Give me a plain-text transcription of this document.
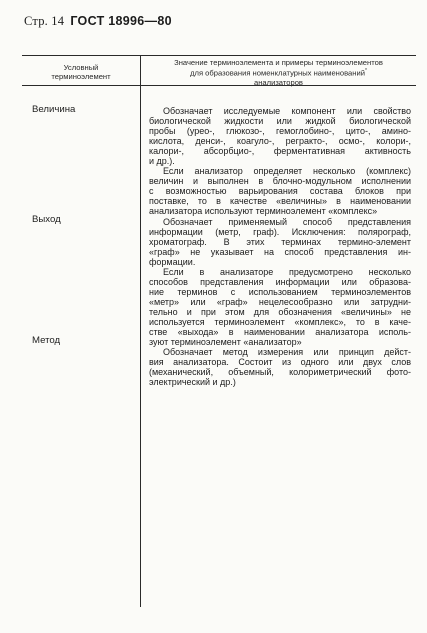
Стр. 14 ГОСТ 18996—80
Условный
терминоэлемент
Значение терминоэлемента и примеры терминоэлементов
для образования номенклатурных наименований*
анализаторов
Величина
Выход
Метод
Обозначает исследуемые компонент или свойство
биологической жидкости или жидкой биологической
пробы (урео-, глюкозо-, гемоглобино-, цито-, амино-
кислота, денси-, коагуло-, регракто-, осмо-, колори-,
калори-, абсорбцио-, ферментативная активность
и др.).
Если анализатор определяет несколько (комплекс)
величин и выполнен в блочно-модульном исполнении
с возможностью варьирования состава блоков при
поставке, то в качестве «величины» в наименовании
анализатора используют терминоэлемент «комплекс»
Обозначает применяемый способ представления
информации (метр, граф). Исключения: полярограф,
хроматограф. В этих терминах термино-элемент
«граф» не указывает на способ представления ин-
формации.
Если в анализаторе предусмотрено несколько
способов представления информации или образова-
ние терминов с использованием терминоэлементов
«метр» или «граф» нецелесообразно или затрудни-
тельно и при этом для обозначения «величины» не
используется терминоэлемент «комплекс», то в каче-
стве «выхода» в наименовании анализатора исполь-
зуют терминоэлемент «анализатор»
Обозначает метод измерения или принцип дейст-
вия анализатора. Состоит из одного или двух слов
(механический, объемный, колориметрический фото-
электрический и др.)
